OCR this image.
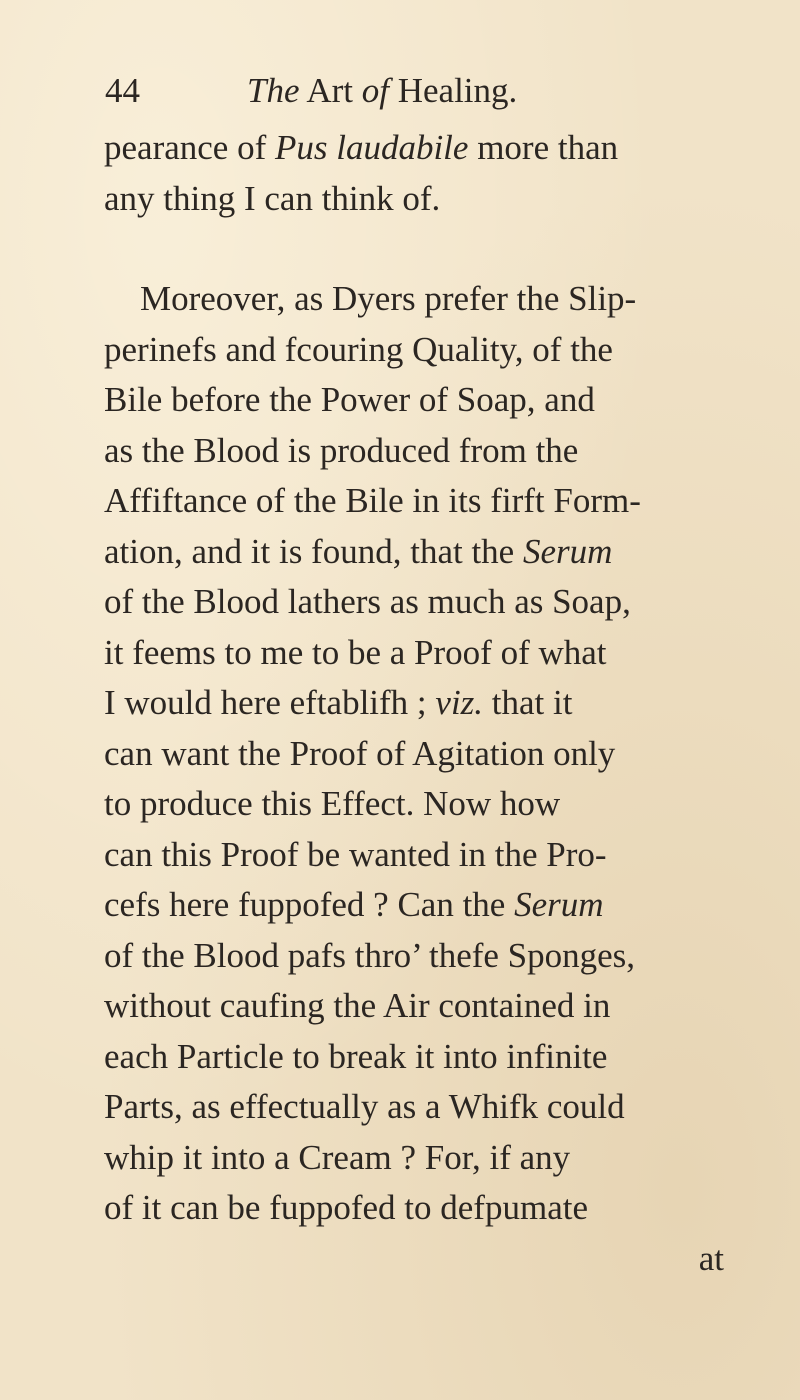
44	The Art of Healing.
pearance of Pus laudabile more than
any thing I can think of.
Moreover, as Dyers prefer the Slip-
perinefs and fcouring Quality, of the
Bile before the Power of Soap, and
as the Blood is produced from the
Affiftance of the Bile in its firft Form-
ation, and it is found, that the Serum
of the Blood lathers as much as Soap,
it feems to me to be a Proof of what
I would here eftablifh ; viz. that it
can want the Proof of Agitation only
to produce this Effect. Now how
can this Proof be wanted in the Pro-
cefs here fuppofed ? Can the Serum
of the Blood pafs thro’ thefe Sponges,
without caufing the Air contained in
each Particle to break it into infinite
Parts, as effectually as a Whifk could
whip it into a Cream ? For, if any
of it can be fuppofed to defpumate
at
